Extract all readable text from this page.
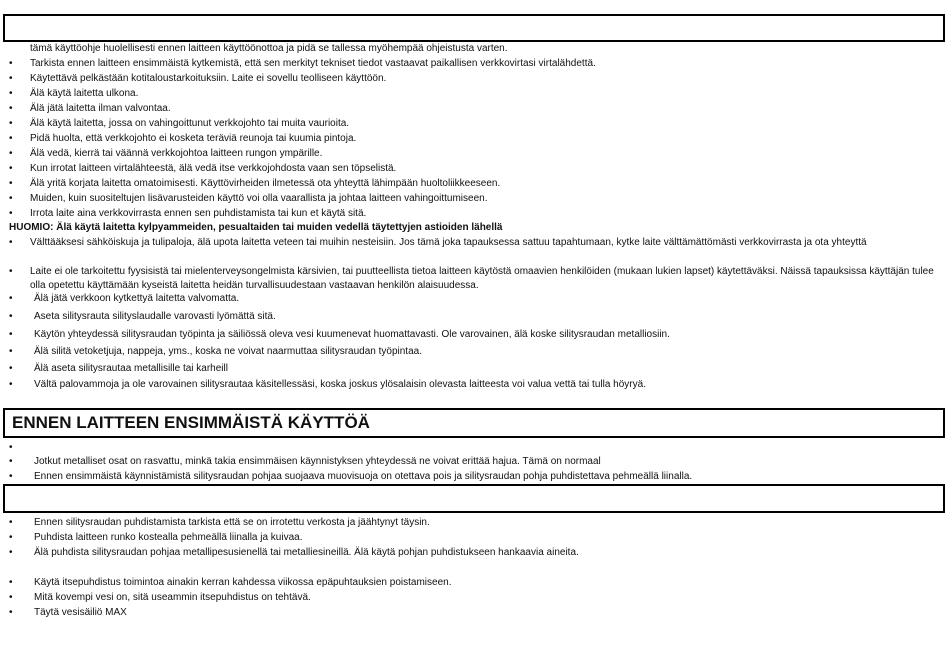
tämä käyttöohje huolellisesti ennen laitteen käyttöönottoa ja pidä se tallessa myöhempää ohjeistusta varten.
• Tarkista ennen laitteen ensimmäistä kytkemistä, että sen merkityt tekniset tiedot vastaavat paikallisen verkkovirtasi virtalähdettä.
• Käytettävä pelkästään kotitaloustarkoituksiin. Laite ei sovellu teolliseen käyttöön.
• Älä käytä laitetta ulkona.
• Älä jätä laitetta ilman valvontaa.
• Älä käytä laitetta, jossa on vahingoittunut verkkojohto tai muita vaurioita.
• Pidä huolta, että verkkojohto ei kosketa teräviä reunoja tai kuumia pintoja.
• Älä vedä, kierrä tai väännä verkkojohtoa laitteen rungon ympärille.
• Kun irrotat laitteen virtalähteestä, älä vedä itse verkkojohdosta vaan sen töpselistä.
• Älä yritä korjata laitetta omatoimisesti. Käyttövirheiden ilmetessä ota yhteyttä lähimpään huoltoliikkeeseen.
• Muiden, kuin suositeltujen lisävarusteiden käyttö voi olla vaarallista ja johtaa laitteen vahingoittumiseen.
• Irrota laite aina verkkovirrasta ennen sen puhdistamista tai kun et käytä sitä.
HUOMIO: Älä käytä laitetta kylpyammeiden, pesualtaiden tai muiden vedellä täytettyjen astioiden lähellä
• Välttääksesi sähköiskuja ja tulipaloja, älä upota laitetta veteen tai muihin nesteisiin. Jos tämä joka tapauksessa sattuu tapahtumaan, kytke laite välttämättömästi verkkovirrasta ja ota yhteyttä
• Laite ei ole tarkoitettu fyysisistä tai mielenterveysongelmista kärsivien, tai puutteellista tietoa laitteen käytöstä omaavien henkilöiden (mukaan lukien lapset) käytettäväksi. Näissä tapauksissa käyttäjän tulee
olla opetettu käyttämään kyseistä laitetta heidän turvallisuudestaan vastaavan henkilön alaisuudessa.
• Älä jätä verkkoon kytkettyä laitetta valvomatta.
• Aseta silitysrauta silityslaudalle varovasti lyömättä sitä.
• Käytön yhteydessä silitysraudan työpinta ja säiliössä oleva vesi kuumenevat huomattavasti. Ole varovainen, älä koske silitysraudan metalliosiin.
• Älä silitä vetoketjuja, nappeja, yms., koska ne voivat naarmuttaa silitysraudan työpintaa.
• Älä aseta silitysrautaa metallisille tai karheill
• Vältä palovammoja ja ole varovainen silitysrautaa käsitellessäsi, koska joskus ylösalaisin olevasta laitteesta voi valua vettä tai tulla höyryä.
ENNEN LAITTEEN ENSIMMÄISTÄ KÄYTTÖÄ
•
• Jotkut metalliset osat on rasvattu, minkä takia ensimmäisen käynnistyksen yhteydessä ne voivat erittää hajua. Tämä on normaal
• Ennen ensimmäistä käynnistämistä silitysraudan pohjaa suojaava muovisuoja on otettava pois ja silitysraudan pohja puhdistettava pehmeällä liinalla.
• Ennen silitysraudan puhdistamista tarkista että se on irrotettu verkosta ja jäähtynyt täysin.
• Puhdista laitteen runko kostealla pehmeällä liinalla ja kuivaa.
• Älä puhdista silitysraudan pohjaa metallipesusienellä tai metalliesineillä. Älä käytä pohjan puhdistukseen hankaavia aineita.
• Käytä itsepuhdistus toimintoa ainakin kerran kahdessa viikossa epäpuhtauksien poistamiseen.
• Mitä kovempi vesi on, sitä useammin itsepuhdistus on tehtävä.
• Täytä vesisäiliö MAX
